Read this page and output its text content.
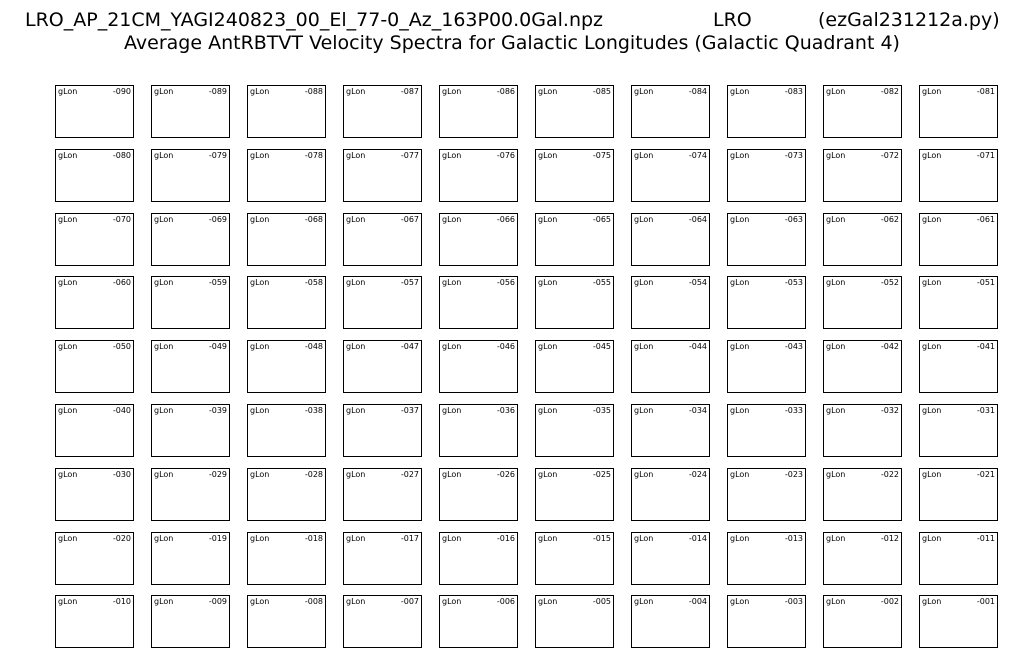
LRO_AP_21CM_YAGI240823_00_El_77-0_Az_163P00.0Gal.npz	LRO	(ezGal231212a.py)
Average AntRBTVT Velocity Spectra for Galactic Longitudes (Galactic Quadrant 4)
gLon	-090	gLon	-089	gLon	-088	gLon	-087	gLon	-086	gLon	-085	gLon	-084	gLon	-083	gLon	-082	gLon	-081
gLon	-080	gLon	-079	gLon	-078	gLon	-077	gLon	-076	gLon	-075	gLon	-074	gLon	-073	gLon	-072	gLon	-071
gLon	-070	gLon	-069	gLon	-068	gLon	-067	gLon	-066	gLon	-065	gLon	-064	gLon	-063	gLon	-062	gLon	-061
gLon	-060	gLon	-059	gLon	-058	gLon	-057	gLon	-056	gLon	-055	gLon	-054	gLon	-053	gLon	-052	gLon	-051
gLon	-050	gLon	-049	gLon	-048	gLon	-047	gLon	-046	gLon	-045	gLon	-044	gLon	-043	gLon	-042	gLon	-041
gLon	-040	gLon	-039	gLon	-038	gLon	-037	gLon	-036	gLon	-035	gLon	-034	gLon	-033	gLon	-032	gLon	-031
gLon	-030	gLon	-029	gLon	-028	gLon	-027	gLon	-026	gLon	-025	gLon	-024	gLon	-023	gLon	-022	gLon	-021
gLon	-020	gLon	-019	gLon	-018	gLon	-017	gLon	-016	gLon	-015	gLon	-014	gLon	-013	gLon	-012	gLon	-011
gLon	-010	gLon	-009	gLon	-008	gLon	-007	gLon	-006	gLon	-005	gLon	-004	gLon	-003	gLon	-002	gLon	-001
